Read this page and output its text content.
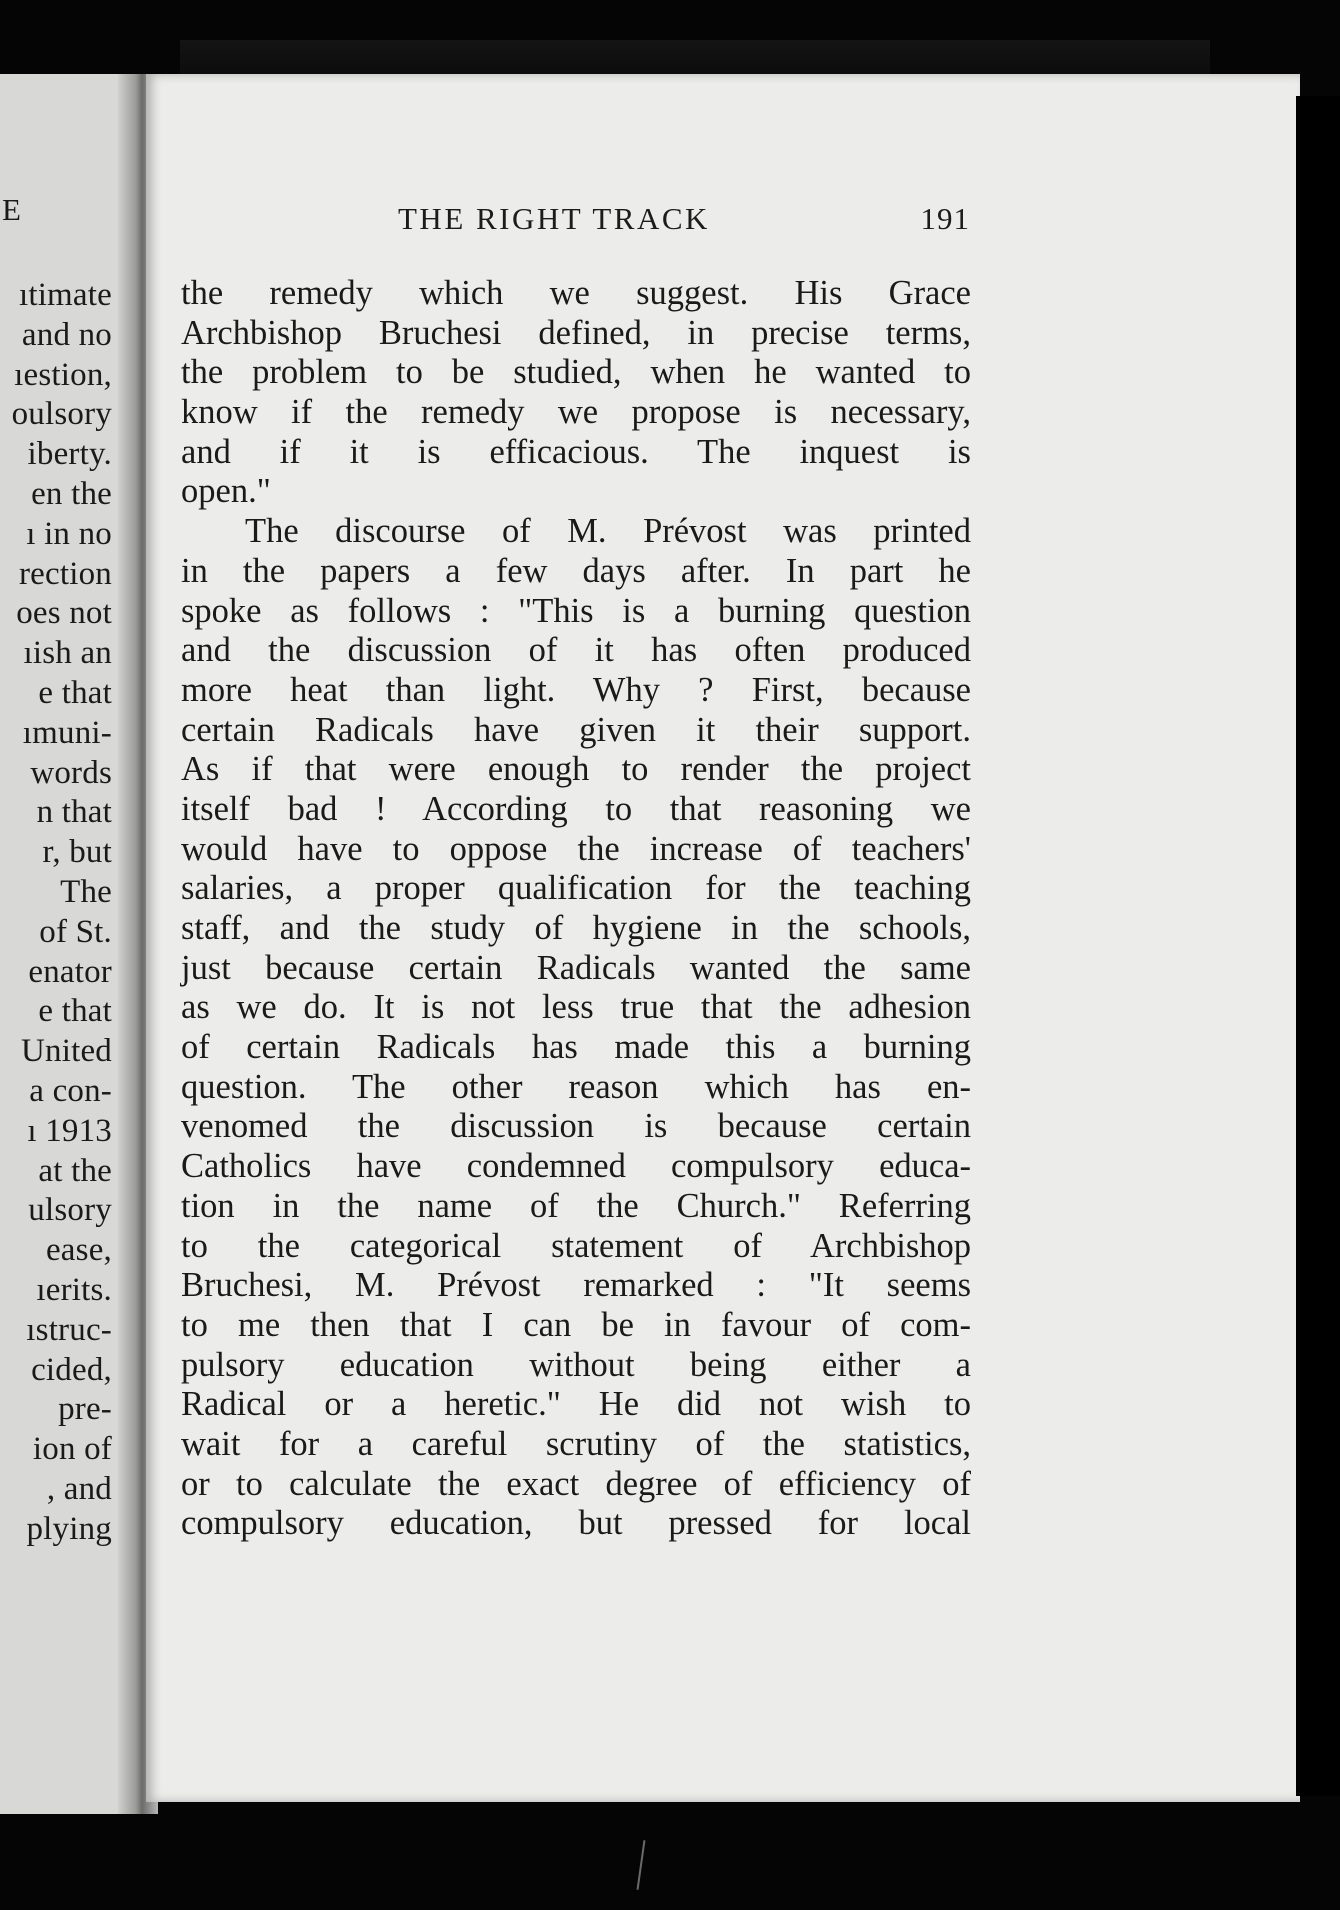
E
ıtimate
and no
ıestion,
oulsory
iberty.
en the
ı in no
rection
oes not
ıish an
e that
ımuni-
words
n that
r, but
The
of St.
enator
e that
United
a con-
ı 1913
at the
ulsory
ease,
ıerits.
ıstruc-
cided,
pre-
ion of
, and
plying
THE RIGHT TRACK	191
the remedy which we suggest. His Grace
Archbishop Bruchesi defined, in precise terms,
the problem to be studied, when he wanted to
know if the remedy we propose is necessary,
and if it is efficacious. The inquest is
open."
The discourse of M. Prévost was printed
in the papers a few days after. In part he
spoke as follows : "This is a burning question
and the discussion of it has often produced
more heat than light. Why ? First, because
certain Radicals have given it their support.
As if that were enough to render the project
itself bad ! According to that reasoning we
would have to oppose the increase of teachers'
salaries, a proper qualification for the teaching
staff, and the study of hygiene in the schools,
just because certain Radicals wanted the same
as we do. It is not less true that the adhesion
of certain Radicals has made this a burning
question. The other reason which has en-
venomed the discussion is because certain
Catholics have condemned compulsory educa-
tion in the name of the Church." Referring
to the categorical statement of Archbishop
Bruchesi, M. Prévost remarked : "It seems
to me then that I can be in favour of com-
pulsory education without being either a
Radical or a heretic." He did not wish to
wait for a careful scrutiny of the statistics,
or to calculate the exact degree of efficiency of
compulsory education, but pressed for local
